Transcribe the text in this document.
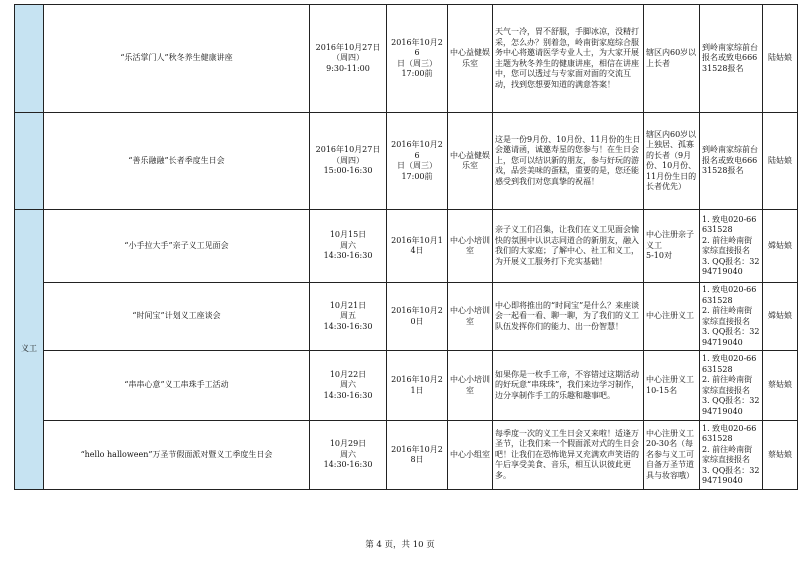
	“乐活掌门人”秋冬养生健康讲座	2016年10月27日
（周四）
9:30-11:00	2016年10月26
日（周三）
17:00前	中心益健娱乐室	天气一冷，胃不舒服，手脚冰凉，没精打采，怎么办？别着急，岭南街家庭综合服务中心将邀请医学专业人士，为大家开展主题为秋冬养生的健康讲座，相信在讲座中，您可以透过与专家面对面的交流互动，找到您想要知道的满意答案！	辖区内60岁以上长者	到岭南家综前台报名或致电66631528报名	陆姑娘
	“善乐融融”长者季度生日会	2016年10月27日
（周四）
15:00-16:30	2016年10月26
日（周三）
17:00前	中心益健娱乐室	这是一份9月份、10月份、11月份的生日会邀请函，诚邀寿星的您参与！在生日会上，您可以结识新的朋友，参与好玩的游戏，品尝美味的蛋糕，重要的是，您还能感受到我们对您真挚的祝福！	辖区内60岁以上独居、孤寡的长者（9月份、10月份、11月份生日的长者优先）	到岭南家综前台报名或致电66631528报名	陆姑娘
义工	“小手拉大手”亲子义工见面会	10月15日
周六
14:30-16:30	2016年10月14日	中心小培训室	亲子义工们召集，让我们在义工见面会愉快的氛围中认识志同道合的新朋友，融入我们的大家庭；了解中心、社工和义工，为开展义工服务打下充实基础！	中心注册亲子义工
5-10对	1. 致电020-66631528
2. 前往岭南街家综直接报名
3. QQ报名：3294719040	嫦姑娘
	“时间宝”计划义工座谈会	10月21日
周五
14:30-16:30	2016年10月20日	中心小培训室	中心即将推出的“时间宝”是什么？来座谈会一起看一看、聊一聊，为了我们的义工队伍发挥你们的能力、出一份智慧！	中心注册义工	1. 致电020-66631528
2. 前往岭南街家综直接报名
3. QQ报名：3294719040	嫦姑娘
	“串串心意”义工串珠手工活动	10月22日
周六
14:30-16:30	2016年10月21日	中心小培训室	如果你是一枚手工帝，不容错过这期活动的好玩意“串珠珠”，我们来边学习制作，边分享制作手工的乐趣和趣事吧。	中心注册义工
10-15名	1. 致电020-66631528
2. 前往岭南街家综直接报名
3. QQ报名：3294719040	蔡姑娘
	“hello halloween”万圣节假面派对暨义工季度生日会	10月29日
周六
14:30-16:30	2016年10月28日	中心小组室	每季度一次的义工生日会又来啦！适逢万圣节，让我们来一个假面派对式的生日会吧！让我们在恐怖诡异又充满欢声笑语的午后享受美食、音乐，相互认识彼此更多。	中心注册义工20-30名（每名参与义工可自备万圣节道具与妆容哦）	1. 致电020-66631528
2. 前往岭南街家综直接报名
3. QQ报名：3294719040	蔡姑娘
第 4 页，共 10 页
